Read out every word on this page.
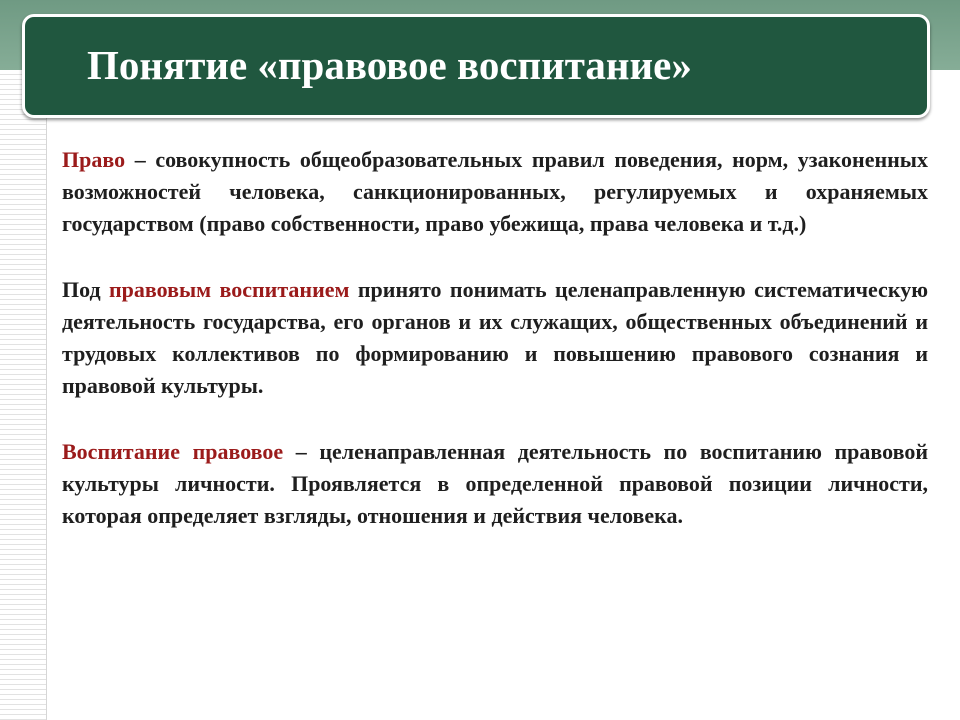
Понятие «правовое воспитание»

Право – совокупность общеобразовательных правил поведения, норм, узаконенных возможностей человека, санкционированных, регулируемых и охраняемых государством (право собственности, право убежища, права человека и т.д.)

Под правовым воспитанием принято понимать целенаправленную систематическую деятельность государства, его органов и их служащих, общественных объединений и трудовых коллективов по формированию и повышению правового сознания и правовой культуры.

Воспитание правовое – целенаправленная деятельность по воспитанию правовой культуры личности. Проявляется в определенной правовой позиции личности, которая определяет взгляды, отношения и действия человека.
